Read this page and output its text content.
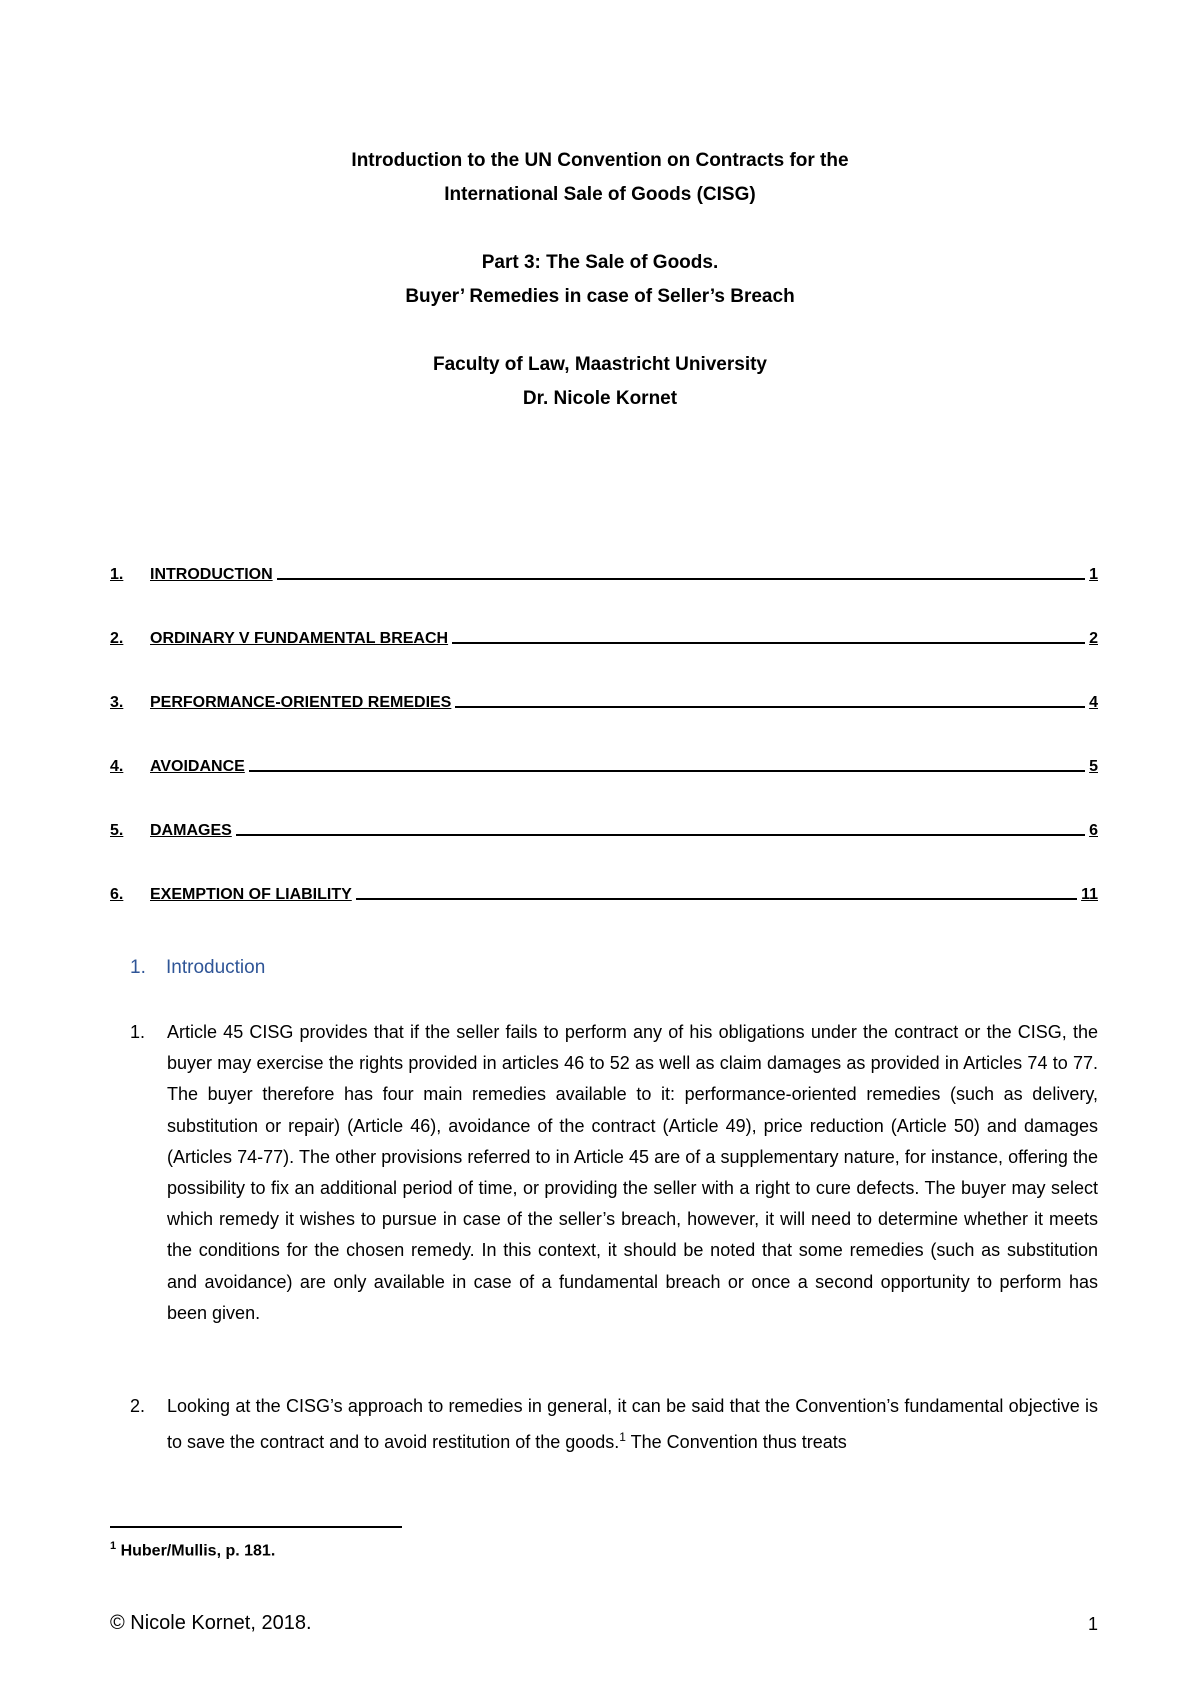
Introduction to the UN Convention on Contracts for the
International Sale of Goods (CISG)
Part 3: The Sale of Goods.
Buyer’ Remedies in case of Seller’s Breach
Faculty of Law, Maastricht University
Dr. Nicole Kornet
1.	INTRODUCTION	1
2.	ORDINARY V FUNDAMENTAL BREACH	2
3.	PERFORMANCE-ORIENTED REMEDIES	4
4.	AVOIDANCE	5
5.	DAMAGES	6
6.	EXEMPTION OF LIABILITY	11
1. Introduction
1. Article 45 CISG provides that if the seller fails to perform any of his obligations under the contract or the CISG, the buyer may exercise the rights provided in articles 46 to 52 as well as claim damages as provided in Articles 74 to 77. The buyer therefore has four main remedies available to it: performance-oriented remedies (such as delivery, substitution or repair) (Article 46), avoidance of the contract (Article 49), price reduction (Article 50) and damages (Articles 74-77). The other provisions referred to in Article 45 are of a supplementary nature, for instance, offering the possibility to fix an additional period of time, or providing the seller with a right to cure defects. The buyer may select which remedy it wishes to pursue in case of the seller’s breach, however, it will need to determine whether it meets the conditions for the chosen remedy. In this context, it should be noted that some remedies (such as substitution and avoidance) are only available in case of a fundamental breach or once a second opportunity to perform has been given.
2. Looking at the CISG’s approach to remedies in general, it can be said that the Convention’s fundamental objective is to save the contract and to avoid restitution of the goods.$^1$ The Convention thus treats
$^1$ Huber/Mullis, p. 181.
© Nicole Kornet, 2018.	1
